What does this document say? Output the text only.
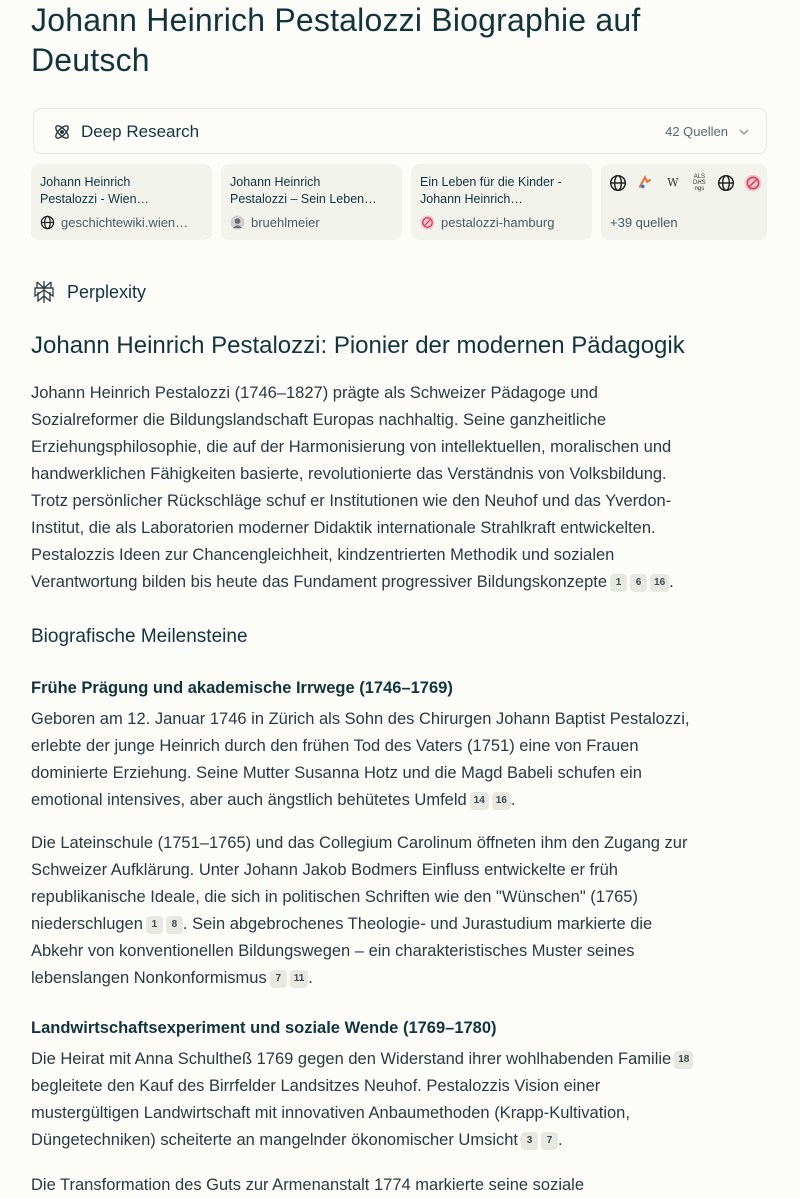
Johann Heinrich Pestalozzi Biographie auf
Deutsch
Deep Research	42 Quellen
Johann Heinrich
Pestalozzi - Wien…
geschichtewiki.wien…
Johann Heinrich
Pestalozzi – Sein Leben…
bruehlmeier
Ein Leben für die Kinder -
Johann Heinrich…
pestalozzi-hamburg
W	ALS DHS ngs
+39 quellen
Perplexity
Johann Heinrich Pestalozzi: Pionier der modernen Pädagogik
Johann Heinrich Pestalozzi (1746–1827) prägte als Schweizer Pädagoge und
Sozialreformer die Bildungslandschaft Europas nachhaltig. Seine ganzheitliche
Erziehungsphilosophie, die auf der Harmonisierung von intellektuellen, moralischen und
handwerklichen Fähigkeiten basierte, revolutionierte das Verständnis von Volksbildung.
Trotz persönlicher Rückschläge schuf er Institutionen wie den Neuhof und das Yverdon-
Institut, die als Laboratorien moderner Didaktik internationale Strahlkraft entwickelten.
Pestalozzis Ideen zur Chancengleichheit, kindzentrierten Methodik und sozialen
Verantwortung bilden bis heute das Fundament progressiver Bildungskonzepte 1 6 16 .
Biografische Meilensteine
Frühe Prägung und akademische Irrwege (1746–1769)
Geboren am 12. Januar 1746 in Zürich als Sohn des Chirurgen Johann Baptist Pestalozzi,
erlebte der junge Heinrich durch den frühen Tod des Vaters (1751) eine von Frauen
dominierte Erziehung. Seine Mutter Susanna Hotz und die Magd Babeli schufen ein
emotional intensives, aber auch ängstlich behütetes Umfeld 14 16 .
Die Lateinschule (1751–1765) und das Collegium Carolinum öffneten ihm den Zugang zur
Schweizer Aufklärung. Unter Johann Jakob Bodmers Einfluss entwickelte er früh
republikanische Ideale, die sich in politischen Schriften wie den "Wünschen" (1765)
niederschlugen 1 8 . Sein abgebrochenes Theologie- und Jurastudium markierte die
Abkehr von konventionellen Bildungswegen – ein charakteristisches Muster seines
lebenslangen Nonkonformismus 7 11 .
Landwirtschaftsexperiment und soziale Wende (1769–1780)
Die Heirat mit Anna Schultheß 1769 gegen den Widerstand ihrer wohlhabenden Familie 18
begleitete den Kauf des Birrfelder Landsitzes Neuhof. Pestalozzis Vision einer
mustergültigen Landwirtschaft mit innovativen Anbaumethoden (Krapp-Kultivation,
Düngetechniken) scheiterte an mangelnder ökonomischer Umsicht 3 7 .
Die Transformation des Guts zur Armenanstalt 1774 markierte seine soziale
